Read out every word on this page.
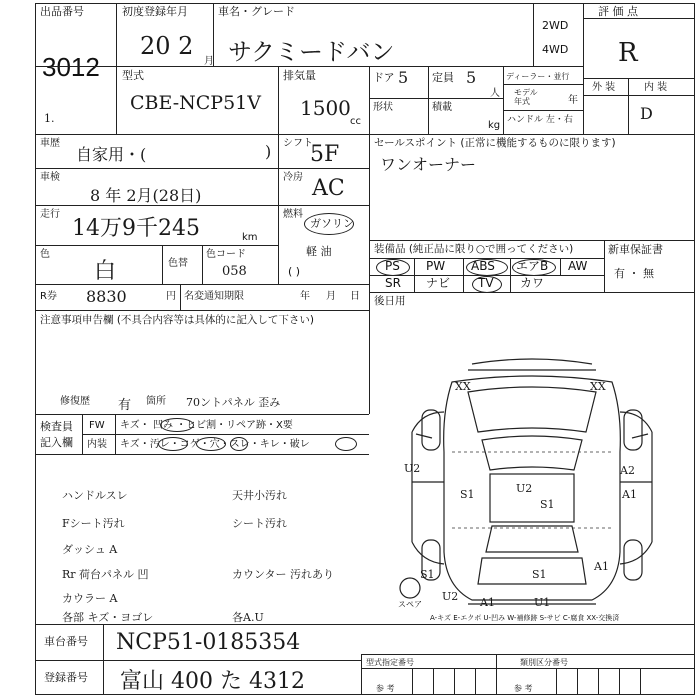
出品番号
3012
1.
初度登録年月
20 2
月
車名・グレード
サクミードバン
2WD
4WD
評 価 点
R
型式
CBE-NCP51V
排気量
1500
cc
ドア 5 定員 5
人
形状	積載
kg
ディーラー・並行
モデル
年式	年
ハンドル 左・右
外 装	内 装
D
車歴
自家用・(	) シフト
5F
車検
8 年 2月(28日)
冷房 AC
走行
14万9千245	km
燃料
ガソリン
軽 油
( )
色
白	色替
色コード
058
R券 8830	円 名変通知期限	年 月 日
注意事項申告欄 (不具合内容等は具体的に記入して下さい)
修復歴 有 箇所 70ントパネル 歪み
検査員
記入欄
FW キズ・ 凹み ・ヒビ割・リペア跡・X要
内装 キズ・汚レ・コゲ・穴・スレ・キレ・破レ
ハンドルスレ	天井小汚れ
Fシート汚れ	シート汚れ
ダッシュ A
Rr 荷台パネル 凹
カウラー A
各部 キズ・ヨゴレ	各A.U
カウンター 汚れあり
セールスポイント (正常に機能するものに限ります)
ワンオーナー
装備品 (純正品に限り○で囲ってください)	新車保証書
有 ・ 無
PS PW ABS エアB AW
SR ナビ TV カワ
後日用
スペア
XX	XX
U2
S1	U2
S1
A2
A1
U2 A1
S1
U1
S1
A1
A-キズ E-エクボ U-凹み W-補修跡 S-サビ C-腐食 XX-交換済
車台番号 NCP51-0185354
登録番号 富山 400 た 4312
型式指定番号
参 考
類別区分番号
参 考
